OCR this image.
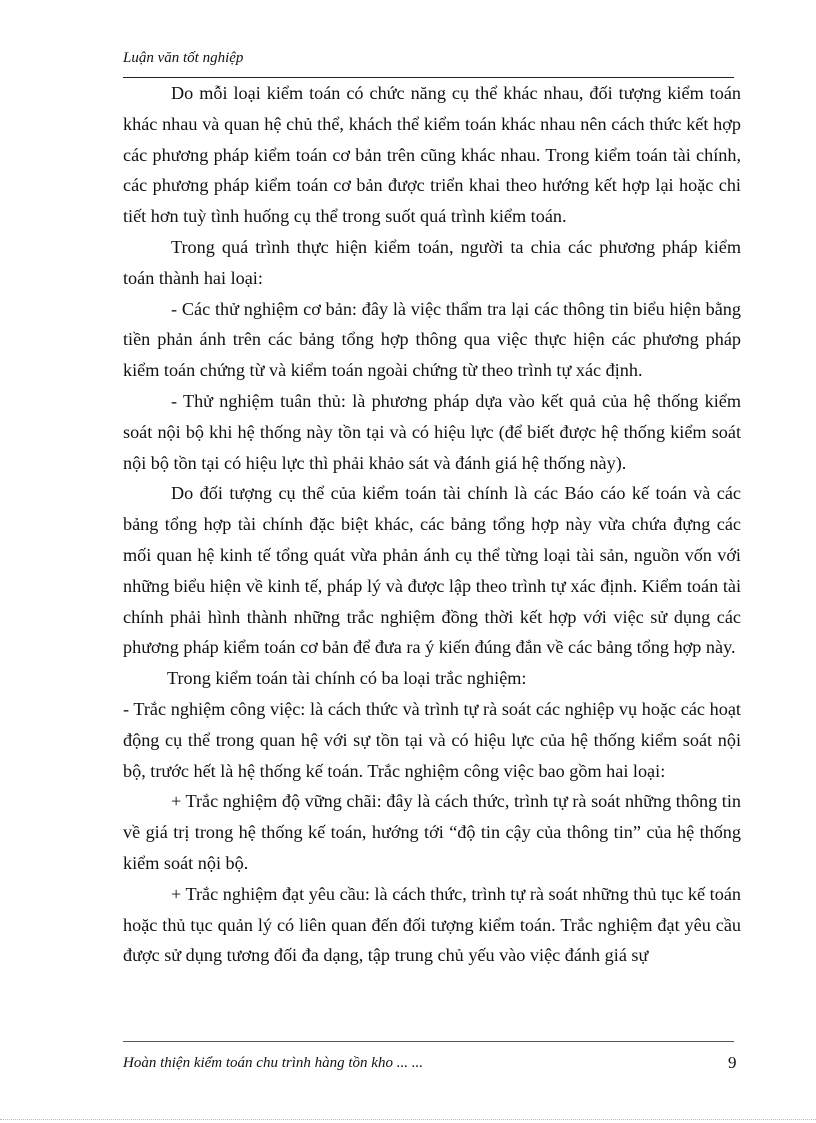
Luận văn tốt nghiệp

Do mỗi loại kiểm toán có chức năng cụ thể khác nhau, đối tượng kiểm toán khác nhau và quan hệ chủ thể, khách thể kiểm toán khác nhau nên cách thức kết hợp các phương pháp kiểm toán cơ bản trên cũng khác nhau. Trong kiểm toán tài chính, các phương pháp kiểm toán cơ bản được triển khai theo hướng kết hợp lại hoặc chi tiết hơn tuỳ tình huống cụ thể trong suốt quá trình kiểm toán.

Trong quá trình thực hiện kiểm toán, người ta chia các phương pháp kiểm toán thành hai loại:

- Các thử nghiệm cơ bản: đây là việc thẩm tra lại các thông tin biểu hiện bằng tiền phản ánh trên các bảng tổng hợp thông qua việc thực hiện các phương pháp kiểm toán chứng từ và kiểm toán ngoài chứng từ theo trình tự xác định.

- Thử nghiệm tuân thủ: là phương pháp dựa vào kết quả của hệ thống kiểm soát nội bộ khi hệ thống này tồn tại và có hiệu lực (để biết được hệ thống kiểm soát nội bộ tồn tại có hiệu lực thì phải khảo sát và đánh giá hệ thống này).

Do đối tượng cụ thể của kiểm toán tài chính là các Báo cáo kế toán và các bảng tổng hợp tài chính đặc biệt khác, các bảng tổng hợp này vừa chứa đựng các mối quan hệ kinh tế tổng quát vừa phản ánh cụ thể từng loại tài sản, nguồn vốn với những biểu hiện về kinh tế, pháp lý và được lập theo trình tự xác định. Kiểm toán tài chính phải hình thành những trắc nghiệm đồng thời kết hợp với việc sử dụng các phương pháp kiểm toán cơ bản để đưa ra ý kiến đúng đắn về các bảng tổng hợp này.

Trong kiểm toán tài chính có ba loại trắc nghiệm:

- Trắc nghiệm công việc: là cách thức và trình tự rà soát các nghiệp vụ hoặc các hoạt động cụ thể trong quan hệ với sự tồn tại và có hiệu lực của hệ thống kiểm soát nội bộ, trước hết là hệ thống kế toán. Trắc nghiệm công việc bao gồm hai loại:

+ Trắc nghiệm độ vững chãi: đây là cách thức, trình tự rà soát những thông tin về giá trị trong hệ thống kế toán, hướng tới “độ tin cậy của thông tin” của hệ thống kiểm soát nội bộ.

+ Trắc nghiệm đạt yêu cầu: là cách thức, trình tự rà soát những thủ tục kế toán hoặc thủ tục quản lý có liên quan đến đối tượng kiểm toán. Trắc nghiệm đạt yêu cầu được sử dụng tương đối đa dạng, tập trung chủ yếu vào việc đánh giá sự

Hoàn thiện kiểm toán chu trình hàng tồn kho ... ...	9
